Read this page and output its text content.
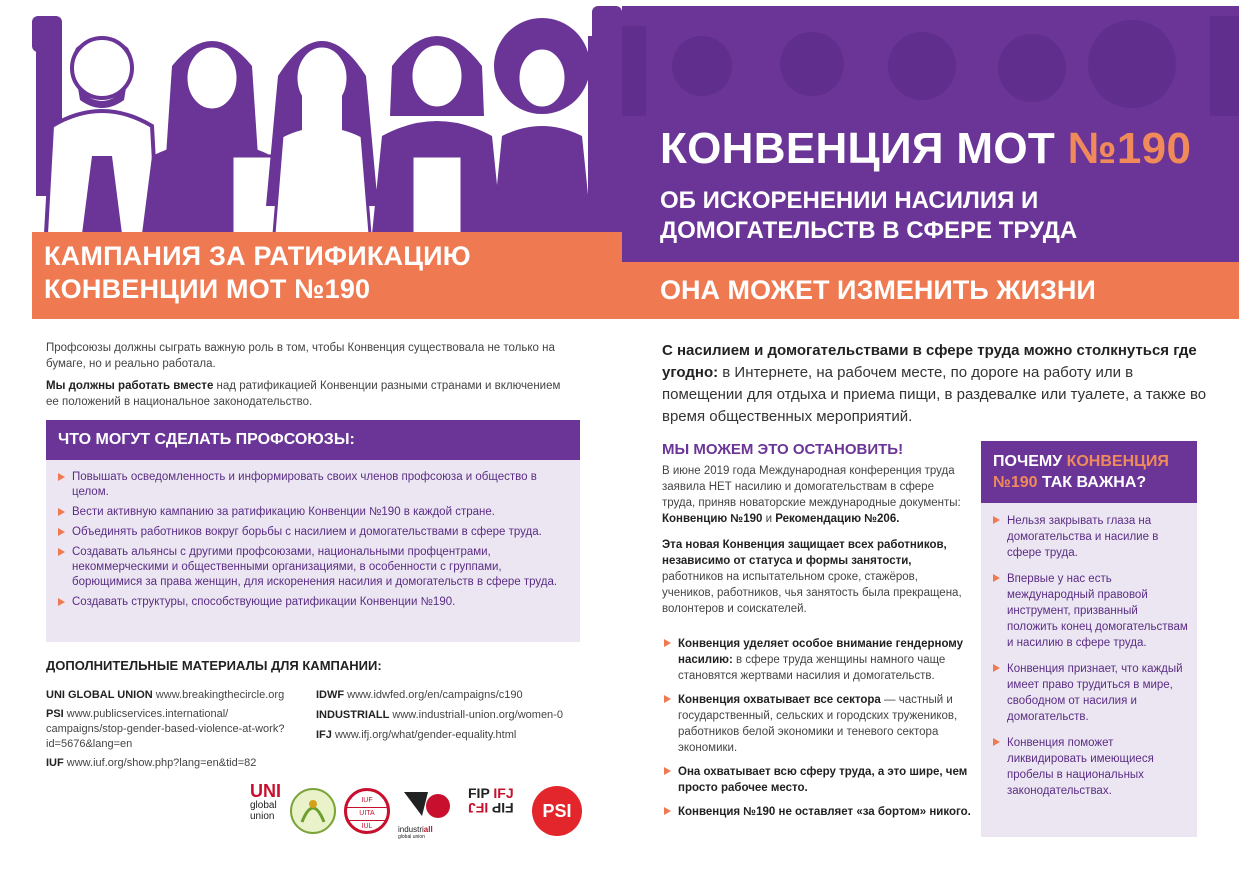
КАМПАНИЯ ЗА РАТИФИКАЦИЮ
КОНВЕНЦИИ МОТ №190
КОНВЕНЦИЯ МОТ №190
ОБ ИСКОРЕНЕНИИ НАСИЛИЯ И
ДОМОГАТЕЛЬСТВ В СФЕРЕ ТРУДА
ОНА МОЖЕТ ИЗМЕНИТЬ ЖИЗНИ

Профсоюзы должны сыграть важную роль в том, чтобы Конвенция существовала не только на бумаге, но и реально работала.

Мы должны работать вместе над ратификацией Конвенции разными странами и включением ее положений в национальное законодательство.

ЧТО МОГУТ СДЕЛАТЬ ПРОФСОЮЗЫ:
Повышать осведомленность и информировать своих членов профсоюза и общество в целом.
Вести активную кампанию за ратификацию Конвенции №190 в каждой стране.
Объединять работников вокруг борьбы с насилием и домогательствами в сфере труда.
Создавать альянсы с другими профсоюзами, национальными профцентрами, некоммерческими и общественными организациями, в особенности с группами, борющимися за права женщин, для искоренения насилия и домогательств в сфере труда.
Создавать структуры, способствующие ратификации Конвенции №190.
ДОПОЛНИТЕЛЬНЫЕ МАТЕРИАЛЫ ДЛЯ КАМПАНИИ:
UNI GLOBAL UNION www.breakingthecircle.org
PSI www.publicservices.international/ campaigns/stop-gender-based-violence-at-work?id=5676&lang=en
IUF www.iuf.org/show.php?lang=en&tid=82
IDWF www.idwfed.org/en/campaigns/c190
INDUSTRIALL www.industriall-union.org/women-0
IFJ www.ifj.org/what/gender-equality.html
UNI
global
union
IUF
UITA
IUL	industriall
global union
FIP IFJ
FIP IFJ	PSI
С насилием и домогательствами в сфере труда можно столкнуться где угодно: в Интернете, на рабочем месте, по дороге на работу или в помещении для отдыха и приема пищи, в раздевалке или туалете, а также во время общественных мероприятий.
МЫ МОЖЕМ ЭТО ОСТАНОВИТЬ!

В июне 2019 года Международная конференция труда заявила НЕТ насилию и домогательствам в сфере труда, приняв новаторские международные документы: Конвенцию №190 и Рекомендацию №206.

Эта новая Конвенция защищает всех работников, независимо от статуса и формы занятости, работников на испытательном сроке, стажёров, учеников, работников, чья занятость была прекращена, волонтеров и соискателей.

Конвенция уделяет особое внимание гендерному насилию: в сфере труда женщины намного чаще становятся жертвами насилия и домогательств.
Конвенция охватывает все сектора — частный и государственный, сельских и городских тружеников, работников белой экономики и теневого сектора экономики.
Она охватывает всю сферу труда, а это шире, чем просто рабочее место.
Конвенция №190 не оставляет «за бортом» никого.
ПОЧЕМУ КОНВЕНЦИЯ №190 ТАК ВАЖНА?
Нельзя закрывать глаза на домогательства и насилие в сфере труда.
Впервые у нас есть международный правовой инструмент, призванный положить конец домогательствам и насилию в сфере труда.
Конвенция признает, что каждый имеет право трудиться в мире, свободном от насилия и домогательств.
Конвенция поможет ликвидировать имеющиеся пробелы в национальных законодательствах.
